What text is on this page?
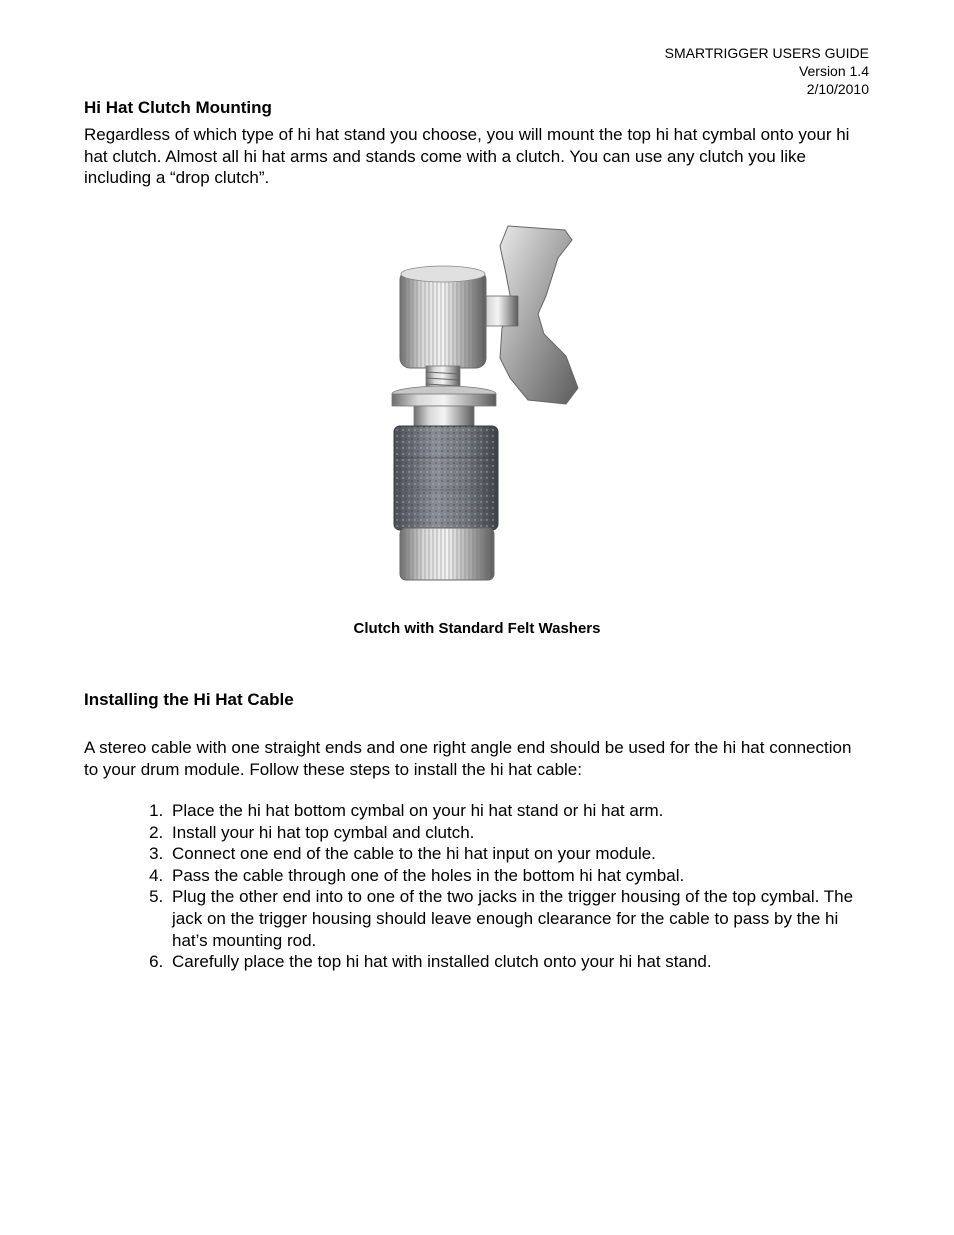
SMARTRIGGER USERS GUIDE
Version 1.4
2/10/2010
Hi Hat Clutch Mounting

Regardless of which type of hi hat stand you choose, you will mount the top hi hat cymbal onto your hi hat clutch. Almost all hi hat arms and stands come with a clutch. You can use any clutch you like including a “drop clutch”.

Clutch with Standard Felt Washers
Installing the Hi Hat Cable

A stereo cable with one straight ends and one right angle end should be used for the hi hat connection to your drum module. Follow these steps to install the hi hat cable:

1. Place the hi hat bottom cymbal on your hi hat stand or hi hat arm.
2. Install your hi hat top cymbal and clutch.
3. Connect one end of the cable to the hi hat input on your module.
4. Pass the cable through one of the holes in the bottom hi hat cymbal.
5. Plug the other end into to one of the two jacks in the trigger housing of the top cymbal. The jack on the trigger housing should leave enough clearance for the cable to pass by the hi hat’s mounting rod.
6. Carefully place the top hi hat with installed clutch onto your hi hat stand.
